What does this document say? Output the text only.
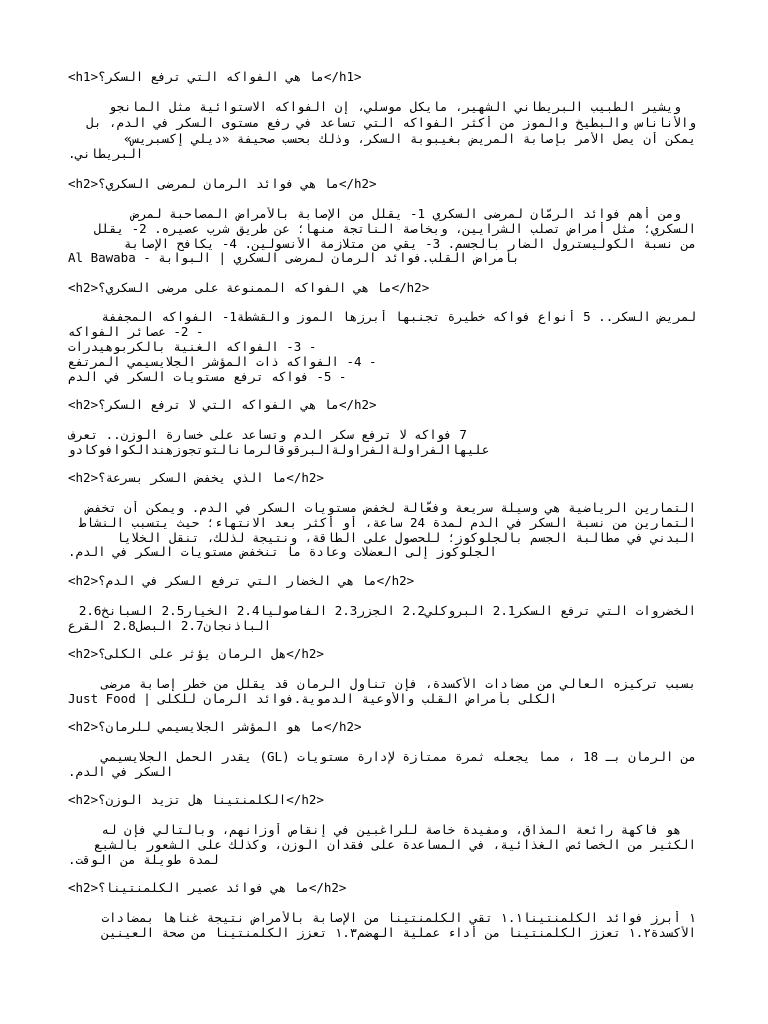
<h1>ما هي الفواكه التي ترفع السكر؟</h1>
ويشير الطبيب البريطاني الشهير، مايكل موسلي، إن الفواكه الاستوائية مثل المانجو
والأناناس والبطيخ والموز من أكثر الفواكه التي تساعد في رفع مستوى السكر في الدم، بل
يمكن أن يصل الأمر بإصابة المريض بغيبوبة السكر، وذلك بحسب صحيفة «ديلي إكسبريس»
البريطاني.
<h2>ما هي فوائد الرمان لمرضى السكري؟</h2>
ومن أهم فوائد الرمّان لمرضى السكري 1- يقلل من الإصابة بالأمراض المصاحبة لمرض
السكري؛ مثل أمراض تصلب الشرايين، وبخاصة الناتجة منها؛ عن طريق شرب عصيره. 2- يقلل
من نسبة الكوليسترول الضار بالجسم. 3- يقي من متلازمة الأنسولين. 4- يكافح الإصابة
بأمراض القلب.فوائد الرمان لمرضى السكري | البوابة - Al Bawaba
<h2>ما هي الفواكه الممنوعة على مرضى السكري؟</h2>
لمريض السكر.. 5 أنواع فواكه خطيرة تجنبها أبرزها الموز والقشطة1- الفواكه المجففة
- 2- عصائر الفواكه
- 3- الفواكه الغنية بالكربوهيدرات
- 4- الفواكه ذات المؤشر الجلايسيمي المرتفع
- 5- فواكه ترفع مستويات السكر في الدم
<h2>ما هي الفواكه التي لا ترفع السكر؟</h2>
7 فواكه لا ترفع سكر الدم وتساعد على خسارة الوزن.. تعرف
عليهاالفراولةالفراولةالبرقوقالرمانالتوتجوزهندالكوافوكادو
<h2>ما الذي يخفض السكر بسرعة؟</h2>
التمارين الرياضية هي وسيلة سريعة وفعّالة لخفض مستويات السكر في الدم. ويمكن أن تخفض
التمارين من نسبة السكر في الدم لمدة 24 ساعة، أو أكثر بعد الانتهاء؛ حيث يتسبب النشاط
البدني في مطالبة الجسم بالجلوكوز؛ للحصول على الطاقة، ونتيجة لذلك، تنقل الخلايا
الجلوكوز إلى العضلات وعادة ما تنخفض مستويات السكر في الدم.
<h2>ما هي الخضار التي ترفع السكر في الدم؟</h2>
الخضروات التي ترفع السكر2.1 البروكلي2.2 الجزر2.3 الفاصوليا2.4 الخيار2.5 السبانخ2.6
الباذنجان2.7 البصل2.8 القرع
<h2>هل الرمان يؤثر على الكلى؟</h2>
بسبب تركيزه العالي من مضادات الأكسدة، فإن تناول الرمان قد يقلل من خطر إصابة مرضى
الكلى بأمراض القلب والأوعية الدموية.فوائد الرمان للكلى | Just Food
<h2>ما هو المؤشر الجلايسيمي للرمان؟</h2>
من الرمان بـ 18 ، مما يجعله ثمرة ممتازة لإدارة مستويات (GL) يقدر الحمل الجلايسيمي
السكر في الدم.
<h2>الكلمنتينا هل تزيد الوزن؟</h2>
هو فاكهة رائعة المذاق، ومفيدة خاصة للراغبين في إنقاص أوزانهم، وبالتالي فإن له
الكثير من الخصائص الغذائية، في المساعدة على فقدان الوزن، وكذلك على الشعور بالشبع
لمدة طويلة من الوقت.
<h2>ما هي فوائد عصير الكلمنتينا؟</h2>
١ أبرز فوائد الكلمنتينا١.١ تقي الكلمنتينا من الإصابة بالأمراض نتيجة غناها بمضادات
الأكسدة١.٢ تعزز الكلمنتينا من أداء عملية الهضم١.٣ تعزز الكلمنتينا من صحة العينين
